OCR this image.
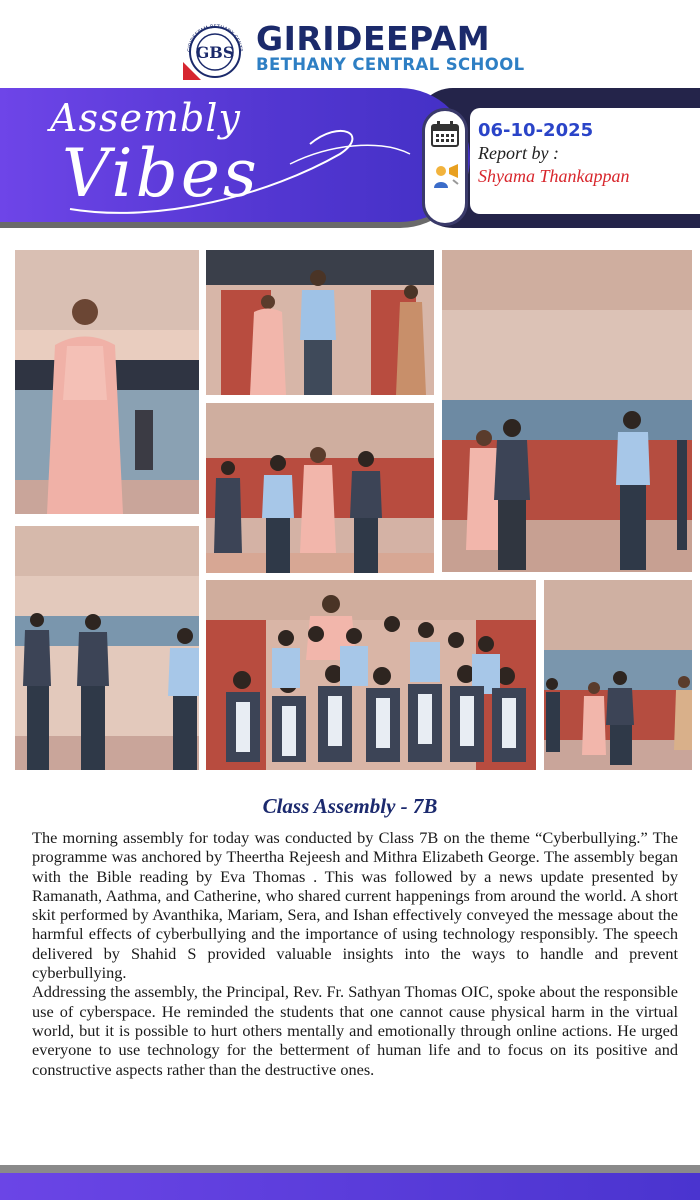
GIRIDEEPAM BETHANY CENTR
GBS GIRIDEEPAM
BETHANY CENTRAL SCHOOL
Assembly
Vibes
06-10-2025
Report by :
Shyama Thankappan
Class Assembly - 7B

The morning assembly for today was conducted by Class 7B on the theme “Cyberbullying.” The programme was anchored by Theertha Rejeesh and Mithra Elizabeth George. The assembly began with the Bible reading by Eva Thomas . This was followed by a news update presented by Ramanath, Aathma, and Catherine, who shared current happenings from around the world. A short skit performed by Avanthika, Mariam, Sera, and Ishan effectively conveyed the message about the harmful effects of cyberbullying and the importance of using technology responsibly. The speech delivered by Shahid S provided valuable insights into the ways to handle and prevent cyberbullying.

Addressing the assembly, the Principal, Rev. Fr. Sathyan Thomas OIC, spoke about the responsible use of cyberspace. He reminded the students that one cannot cause physical harm in the virtual world, but it is possible to hurt others mentally and emotionally through online actions. He urged everyone to use technology for the betterment of human life and to focus on its positive and constructive aspects rather than the destructive ones.
